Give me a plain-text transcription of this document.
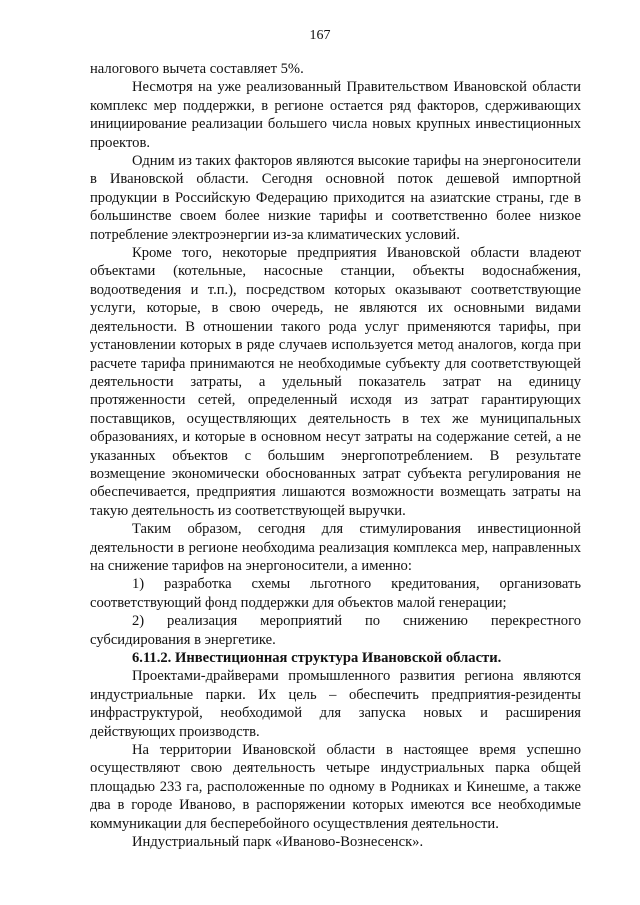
167

налогового вычета составляет 5%.

Несмотря на уже реализованный Правительством Ивановской области комплекс мер поддержки, в регионе остается ряд факторов, сдерживающих инициирование реализации большего числа новых крупных инвестиционных проектов.

Одним из таких факторов являются высокие тарифы на энергоносители в Ивановской области. Сегодня основной поток дешевой импортной продукции в Российскую Федерацию приходится на азиатские страны, где в большинстве своем более низкие тарифы и соответственно более низкое потребление электроэнергии из-за климатических условий.

Кроме того, некоторые предприятия Ивановской области владеют объектами (котельные, насосные станции, объекты водоснабжения, водоотведения и т.п.), посредством которых оказывают соответствующие услуги, которые, в свою очередь, не являются их основными видами деятельности. В отношении такого рода услуг применяются тарифы, при установлении которых в ряде случаев используется метод аналогов, когда при расчете тарифа принимаются не необходимые субъекту для соответствующей деятельности затраты, а удельный показатель затрат на единицу протяженности сетей, определенный исходя из затрат гарантирующих поставщиков, осуществляющих деятельность в тех же муниципальных образованиях, и которые в основном несут затраты на содержание сетей, а не указанных объектов с большим энергопотреблением. В результате возмещение экономически обоснованных затрат субъекта регулирования не обеспечивается, предприятия лишаются возможности возмещать затраты на такую деятельность из соответствующей выручки.

Таким образом, сегодня для стимулирования инвестиционной деятельности в регионе необходима реализация комплекса мер, направленных на снижение тарифов на энергоносители, а именно:

1) разработка схемы льготного кредитования, организовать соответствующий фонд поддержки для объектов малой генерации;

2) реализация мероприятий по снижению перекрестного субсидирования в энергетике.

6.11.2. Инвестиционная структура Ивановской области.

Проектами-драйверами промышленного развития региона являются индустриальные парки. Их цель – обеспечить предприятия-резиденты инфраструктурой, необходимой для запуска новых и расширения действующих производств.

На территории Ивановской области в настоящее время успешно осуществляют свою деятельность четыре индустриальных парка общей площадью 233 га, расположенные по одному в Родниках и Кинешме, а также два в городе Иваново, в распоряжении которых имеются все необходимые коммуникации для бесперебойного осуществления деятельности.

Индустриальный парк «Иваново-Вознесенск».
